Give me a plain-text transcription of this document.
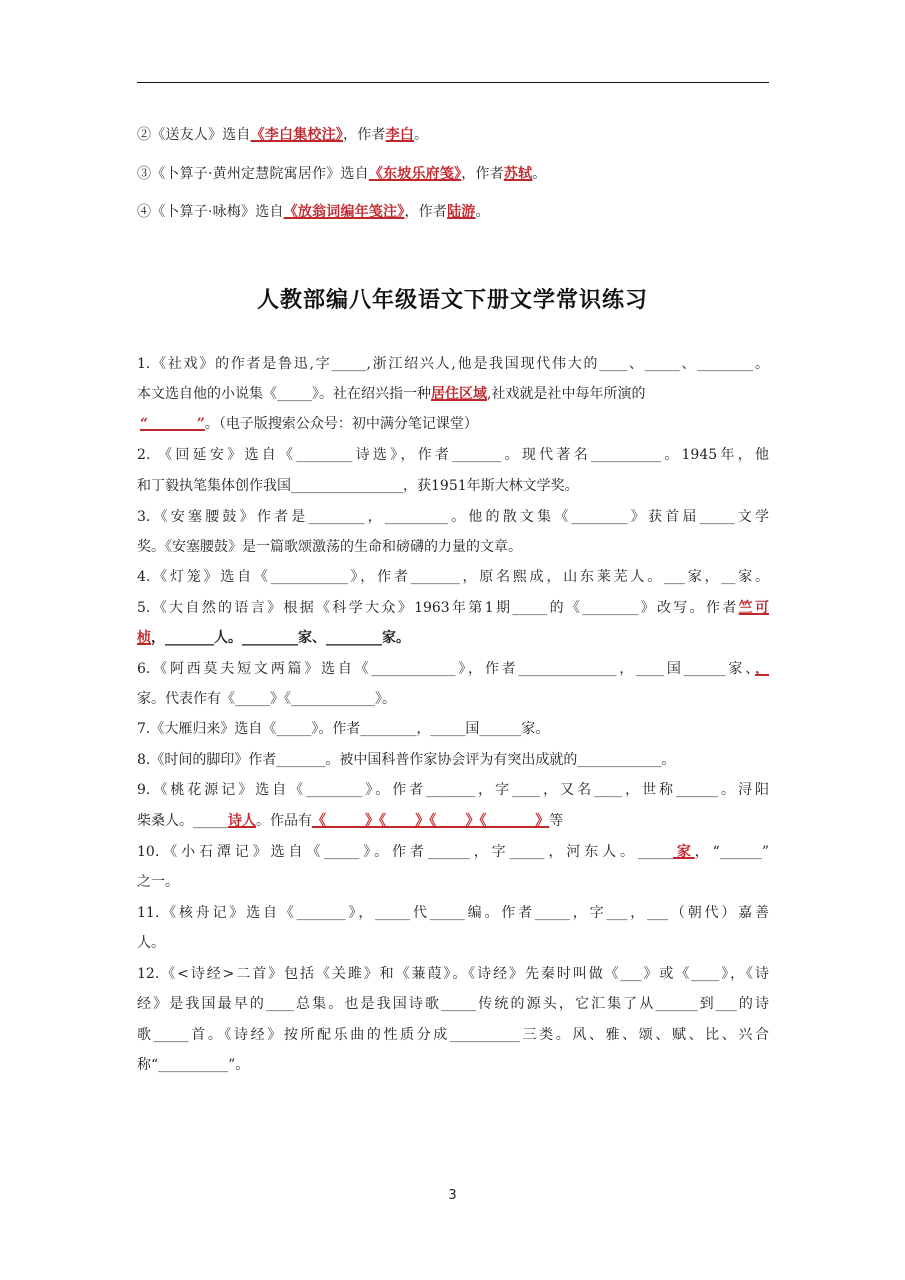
②《送友人》选自《李白集校注》，作者李白。
③《卜算子·黄州定慧院寓居作》选自《东坡乐府笺》，作者苏轼。
④《卜算子·咏梅》选自《放翁词编年笺注》，作者陆游。
人教部编八年级语文下册文学常识练习
1.《社戏》的作者是鲁迅,字_____,浙江绍兴人,他是我国现代伟大的____、_____、________。
本文选自他的小说集《_____》。社在绍兴指一种居住区域,社戏就是社中每年所演的
“          ”。（电子版搜索公众号：初中满分笔记课堂）
2. 《回延安》选自《________诗选》，作者_______。现代著名__________。1945年，他
和丁毅执笔集体创作我国________________，获1951年斯大林文学奖。
3.《安塞腰鼓》作者是________，_________。他的散文集《________》获首届_____文学
奖。《安塞腰鼓》是一篇歌颂激荡的生命和磅礴的力量的文章。
4.《灯笼》选自《___________》，作者_______，原名熙成，山东莱芜人。___家，__家。
5.《大自然的语言》根据《科学大众》1963年第1期_____的《________》改写。作者竺可
桢，_______人。________家、________家。
6.《阿西莫夫短文两篇》选自《____________》，作者______________，____国______家、，
家。代表作有《_____》《____________》。
7.《大雁归来》选自《_____》。作者________，_____国______家。
8.《时间的脚印》作者_______。被中国科普作家协会评为有突出成就的____________。
9.《桃花源记》选自《________》。作者_______，字____，又名____，世称______。浔阳
柴桑人。_____诗人。作品有《        》《      》《      》《          》等
10.《小石潭记》选自《_____》。作者______，字_____，河东人。_____家，“______”
之一。
11.《核舟记》选自《_______》，_____代_____编。作者_____，字___，___（朝代）嘉善
人。
12.《<诗经>二首》包括《关雎》和《蒹葭》。《诗经》先秦时叫做《___》或《____》，《诗
经》是我国最早的____总集。也是我国诗歌_____传统的源头，它汇集了从______到___的诗
歌_____首。《诗经》按所配乐曲的性质分成__________三类。风、雅、颂、赋、比、兴合
称“__________”。
3
